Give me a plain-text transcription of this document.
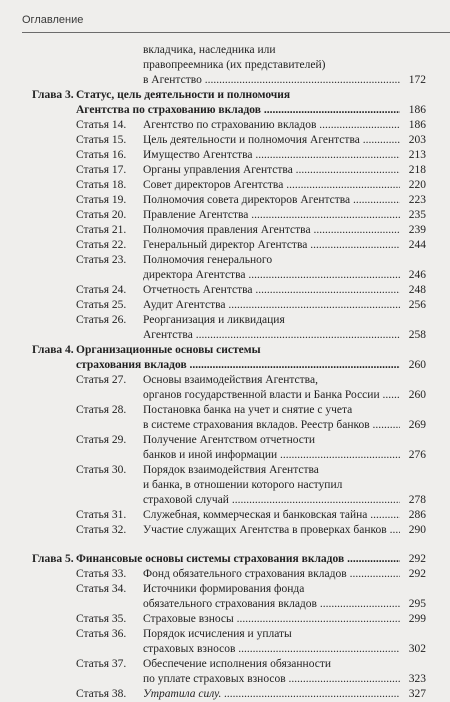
Оглавление
вкладчика, наследника или
правопреемника (их представителей)
в Агентство .....	172
Глава 3. Статус, цель деятельности и полномочия
Агентства по страхованию вкладов .....	186
Статья 14. Агентство по страхованию вкладов .....	186
Статья 15. Цель деятельности и полномочия Агентства .....	203
Статья 16. Имущество Агентства .....	213
Статья 17. Органы управления Агентства .....	218
Статья 18. Совет директоров Агентства .....	220
Статья 19. Полномочия совета директоров Агентства .....	223
Статья 20. Правление Агентства .....	235
Статья 21. Полномочия правления Агентства .....	239
Статья 22. Генеральный директор Агентства .....	244
Статья 23. Полномочия генерального
директора Агентства .....	246
Статья 24. Отчетность Агентства .....	248
Статья 25. Аудит Агентства .....	256
Статья 26. Реорганизация и ликвидация
Агентства .....	258
Глава 4. Организационные основы системы
страхования вкладов .....	260
Статья 27. Основы взаимодействия Агентства,
органов государственной власти и Банка России .....	260
Статья 28. Постановка банка на учет и снятие с учета
в системе страхования вкладов. Реестр банков .....	269
Статья 29. Получение Агентством отчетности
банков и иной информации .....	276
Статья 30. Порядок взаимодействия Агентства
и банка, в отношении которого наступил
страховой случай .....	278
Статья 31. Служебная, коммерческая и банковская тайна .....	286
Статья 32. Участие служащих Агентства в проверках банков .....	290
Глава 5. Финансовые основы системы страхования вкладов .....	292
Статья 33. Фонд обязательного страхования вкладов .....	292
Статья 34. Источники формирования фонда
обязательного страхования вкладов .....	295
Статья 35. Страховые взносы .....	299
Статья 36. Порядок исчисления и уплаты
страховых взносов .....	302
Статья 37. Обеспечение исполнения обязанности
по уплате страховых взносов .....	323
Статья 38. Утратила силу. .....	327
